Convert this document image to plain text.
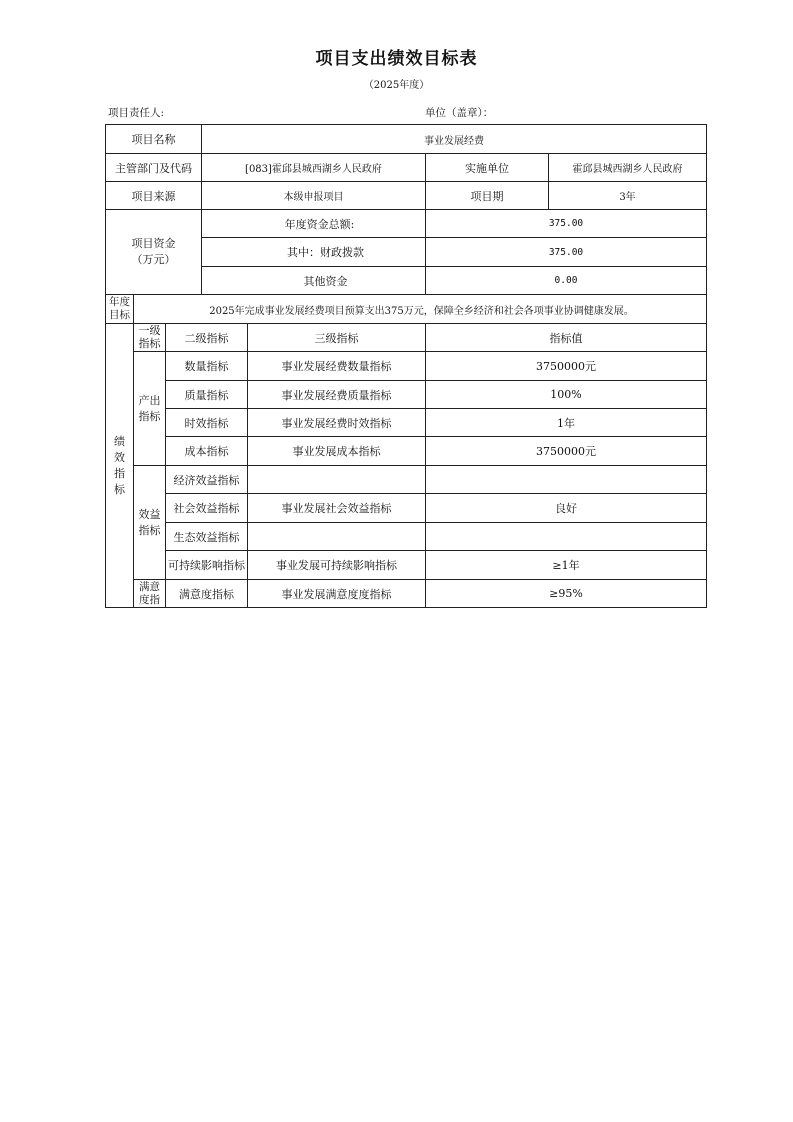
项目支出绩效目标表
（2025年度）
项目责任人:	单位（盖章）：
项目名称			事业发展经费			
主管部门及代码			[083]霍邱县城西湖乡人民政府		实施单位	霍邱县城西湖乡人民政府
项目来源			本级申报项目		项目期	3年

项目资金
（万元）			年度资金总额:		375.00	
			其中：财政拨款		375.00	
			其他资金		0.00	

年度
目标	2025年完成事业发展经费项目预算支出375万元，保障全乡经济和社会各项事业协调健康发展。					
绩效指标	一级指标	二级指标		三级指标	指标值	
	产出指标	数量指标		事业发展经费数量指标	3750000元	
		质量指标		事业发展经费质量指标	100%	
		时效指标		事业发展经费时效指标	1年	
		成本指标		事业发展成本指标	3750000元	
	效益指标	经济效益指标				
		社会效益指标		事业发展社会效益指标	良好	
		生态效益指标				
		可持续影响指标		事业发展可持续影响指标	≥1年	

	满意
度指	满意度指标		事业发展满意度度指标	≥95%	
